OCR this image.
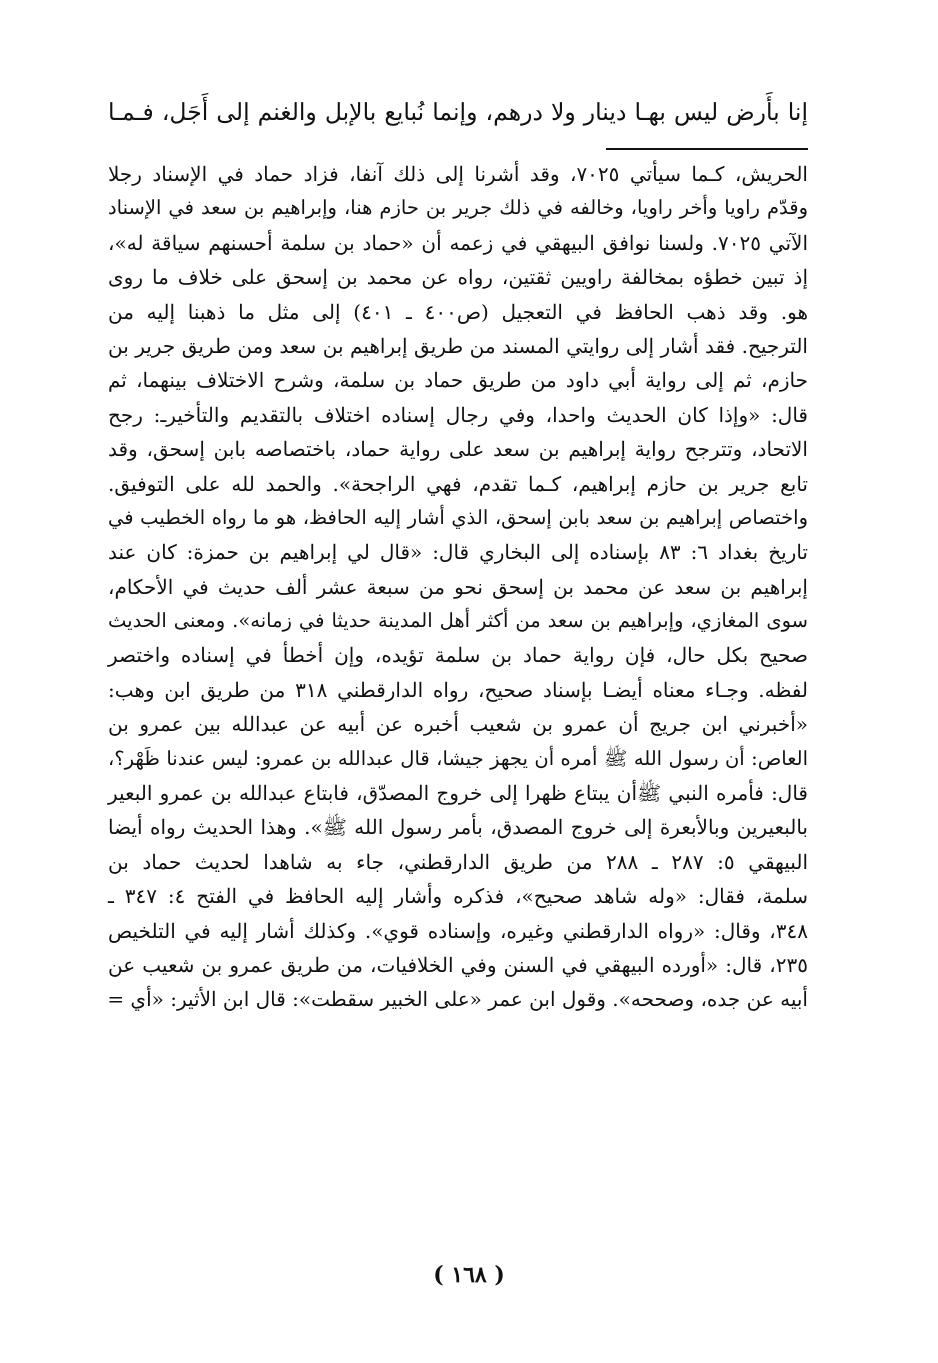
إنا بأَرض ليس بهـا دينار ولا درهم، وإنما نُبايع بالإبل والغنم إلى أَجَل، فـمـا
الحريش، كـما سيأتي ٧٠٢٥، وقد أشرنا إلى ذلك آنفا، فزاد حماد في الإسناد رجلا
وقدّم راويا وأخر راويا، وخالفه في ذلك جرير بن حازم هنا، وإبراهيم بن سعد في الإسناد
الآتي ٧٠٢٥. ولسنا نوافق البيهقي في زعمه أن «حماد بن سلمة أحسنهم سياقة له»،
إذ تبين خطؤه بمخالفة راويين ثقتين، رواه عن محمد بن إسحق على خلاف ما روى
هو. وقد ذهب الحافظ في التعجيل (ص٤٠٠ ـ ٤٠١) إلى مثل ما ذهبنا إليه من
الترجيح. فقد أشار إلى روايتي المسند من طريق إبراهيم بن سعد ومن طريق جرير بن
حازم، ثم إلى رواية أبي داود من طريق حماد بن سلمة، وشرح الاختلاف بينهما، ثم
قال: «وإذا كان الحديث واحدا، وفي رجال إسناده اختلاف بالتقديم والتأخيرـ: رجح
الاتحاد، وتترجح رواية إبراهيم بن سعد على رواية حماد، باختصاصه بابن إسحق، وقد
تابع جرير بن حازم إبراهيم، كـما تقدم، فهي الراجحة». والحمد لله على التوفيق.
واختصاص إبراهيم بن سعد بابن إسحق، الذي أشار إليه الحافظ، هو ما رواه الخطيب في
تاريخ بغداد ٦: ٨٣ بإسناده إلى البخاري قال: «قال لي إبراهيم بن حمزة: كان عند
إبراهيم بن سعد عن محمد بن إسحق نحو من سبعة عشر ألف حديث في الأحكام،
سوى المغازي، وإبراهيم بن سعد من أكثر أهل المدينة حديثا في زمانه». ومعنى الحديث
صحيح بكل حال، فإن رواية حماد بن سلمة تؤيده، وإن أخطأ في إسناده واختصر
لفظه. وجـاء معناه أيضـا بإسناد صحيح، رواه الدارقطني ٣١٨ من طريق ابن وهب:
«أخبرني ابن جريج أن عمرو بن شعيب أخبره عن أبيه عن عبدالله بين عمرو بن
العاص: أن رسول الله ﷺ أمره أن يجهز جيشا، قال عبدالله بن عمرو: ليس عندنا ظَهْر؟،
قال: فأمره النبي ﷺأن يبتاع ظهرا إلى خروج المصدّق، فابتاع عبدالله بن عمرو البعير
بالبعيرين وبالأبعرة إلى خروج المصدق، بأمر رسول الله ﷺ». وهذا الحديث رواه أيضا
البيهقي ٥: ٢٨٧ ـ ٢٨٨ من طريق الدارقطني، جاء به شاهدا لحديث حماد بن
سلمة، فقال: «وله شاهد صحيح»، فذكره وأشار إليه الحافظ في الفتح ٤: ٣٤٧ ـ
٣٤٨، وقال: «رواه الدارقطني وغيره، وإسناده قوي». وكذلك أشار إليه في التلخيص
٢٣٥، قال: «أورده البيهقي في السنن وفي الخلافيات، من طريق عمرو بن شعيب عن
أبيه عن جده، وصححه». وقول ابن عمر «على الخبير سقطت»: قال ابن الأثير: «أي =
( ١٦٨ )
